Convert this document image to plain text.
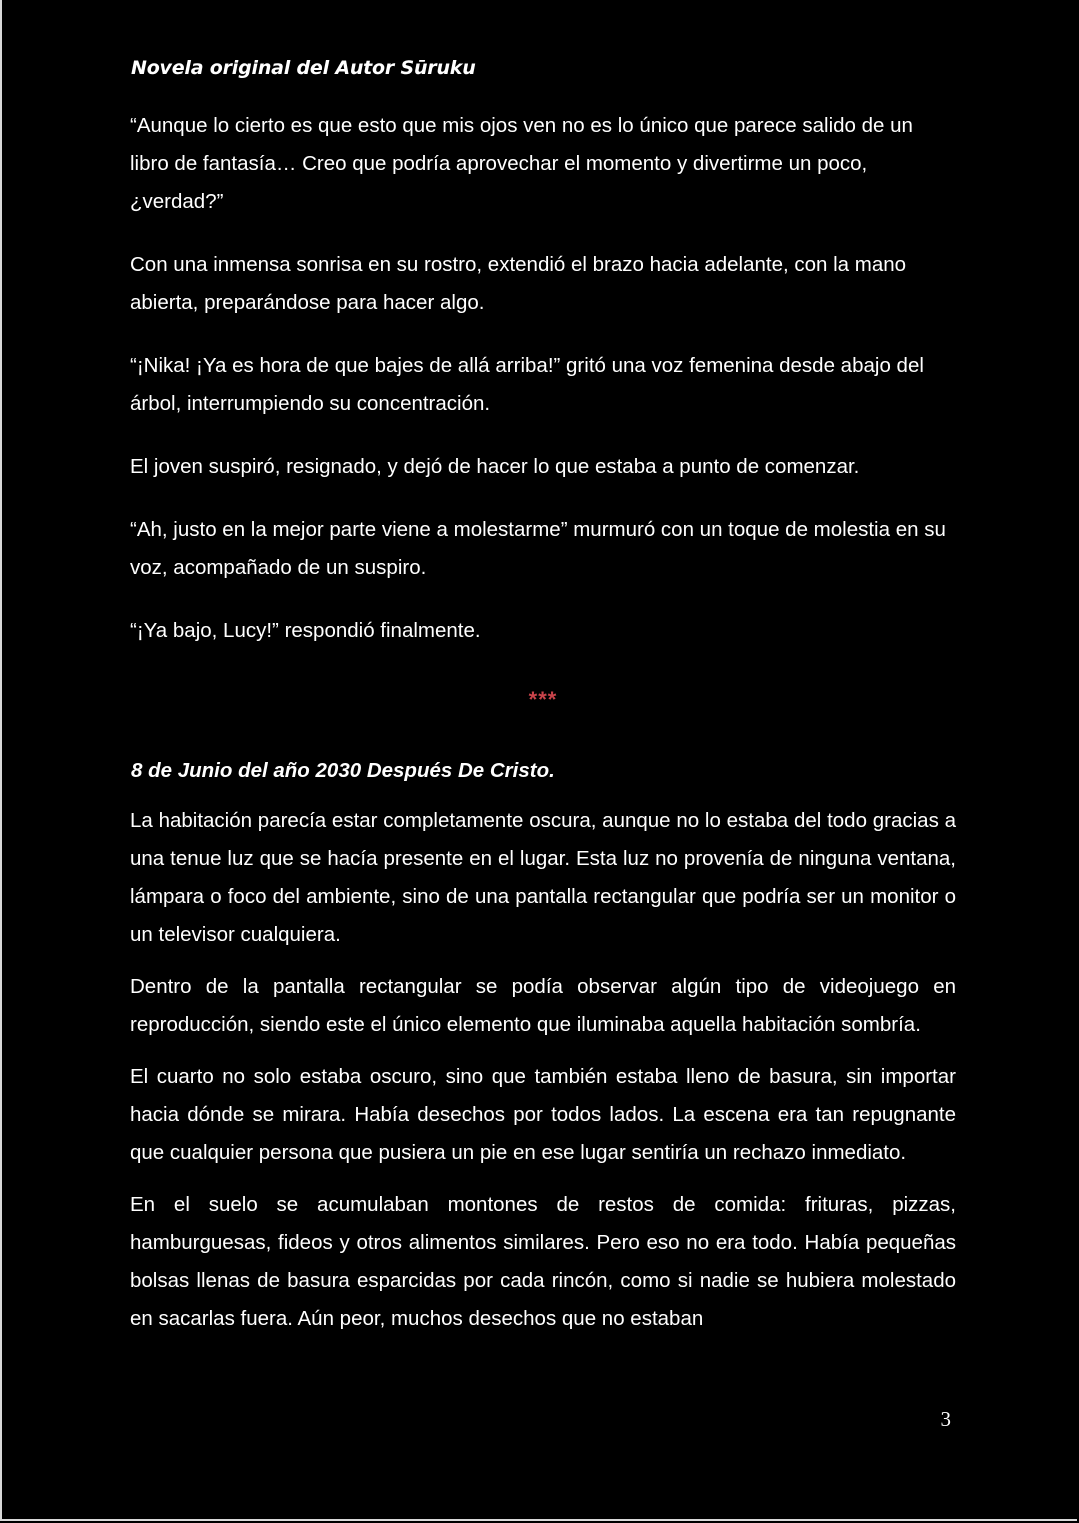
Novela original del Autor Sūruku

“Aunque lo cierto es que esto que mis ojos ven no es lo único que parece salido de un libro de fantasía… Creo que podría aprovechar el momento y divertirme un poco, ¿verdad?”

Con una inmensa sonrisa en su rostro, extendió el brazo hacia adelante, con la mano abierta, preparándose para hacer algo.

“¡Nika! ¡Ya es hora de que bajes de allá arriba!” gritó una voz femenina desde abajo del árbol, interrumpiendo su concentración.

El joven suspiró, resignado, y dejó de hacer lo que estaba a punto de comenzar.

“Ah, justo en la mejor parte viene a molestarme” murmuró con un toque de molestia en su voz, acompañado de un suspiro.

“¡Ya bajo, Lucy!” respondió finalmente.

***
8 de Junio del año 2030 Después De Cristo.

La habitación parecía estar completamente oscura, aunque no lo estaba del todo gracias a una tenue luz que se hacía presente en el lugar. Esta luz no provenía de ninguna ventana, lámpara o foco del ambiente, sino de una pantalla rectangular que podría ser un monitor o un televisor cualquiera.

Dentro de la pantalla rectangular se podía observar algún tipo de videojuego en reproducción, siendo este el único elemento que iluminaba aquella habitación sombría.

El cuarto no solo estaba oscuro, sino que también estaba lleno de basura, sin importar hacia dónde se mirara. Había desechos por todos lados. La escena era tan repugnante que cualquier persona que pusiera un pie en ese lugar sentiría un rechazo inmediato.

En el suelo se acumulaban montones de restos de comida: frituras, pizzas, hamburguesas, fideos y otros alimentos similares. Pero eso no era todo. Había pequeñas bolsas llenas de basura esparcidas por cada rincón, como si nadie se hubiera molestado en sacarlas fuera. Aún peor, muchos desechos que no estaban

3
